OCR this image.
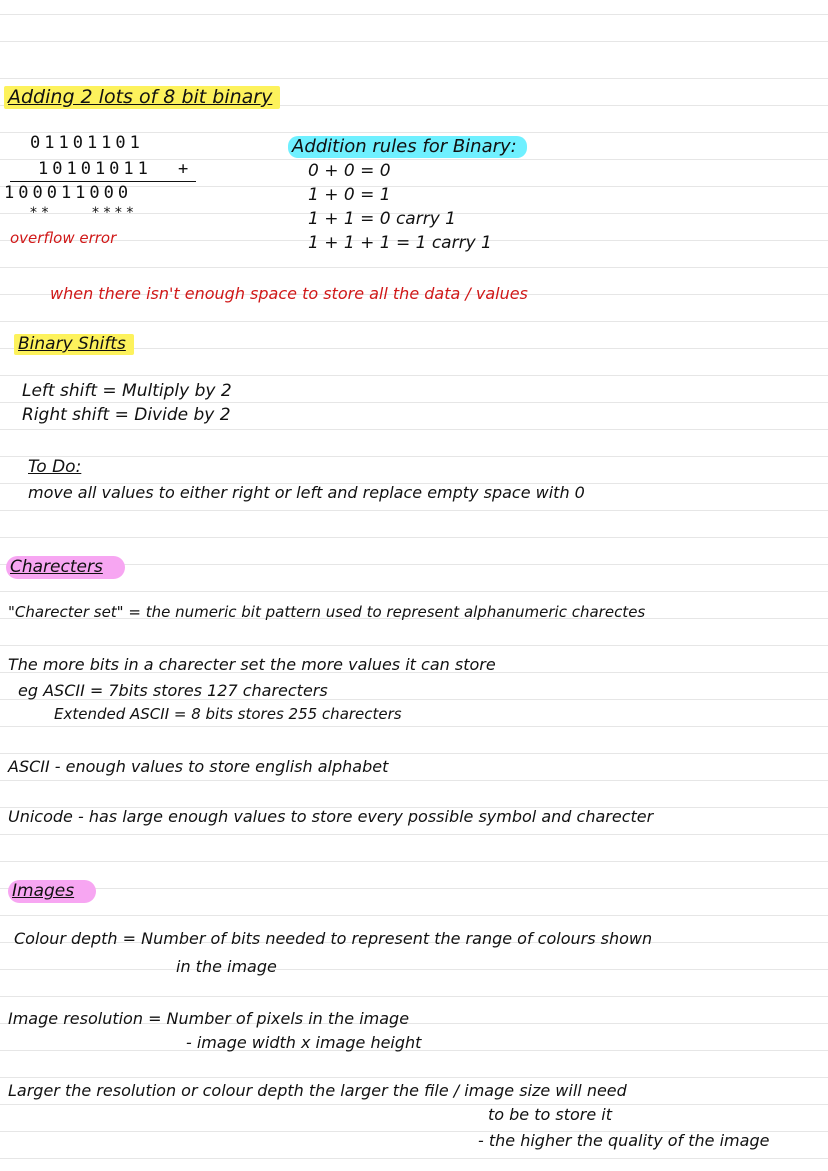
Adding 2 lots of 8 bit binary
01101101
10101011 +
100011000
* *	* * * *
overflow error
when there isn't enough space to store all the data / values
Addition rules for Binary:
0 + 0 = 0
1 + 0 = 1
1 + 1 = 0 carry 1
1 + 1 + 1 = 1 carry 1
Binary Shifts
Left shift = Multiply by 2
Right shift = Divide by 2
To Do:
move all values to either right or left and replace empty space with 0
Charecters
"Charecter set" = the numeric bit pattern used to represent alphanumeric charectes
The more bits in a charecter set the more values it can store
eg ASCII = 7bits stores 127 charecters
Extended ASCII = 8 bits stores 255 charecters
ASCII - enough values to store english alphabet
Unicode - has large enough values to store every possible symbol and charecter
Images
Colour depth = Number of bits needed to represent the range of colours shown
in the image
Image resolution = Number of pixels in the image
- image width x image height
Larger the resolution or colour depth the larger the file / image size will need
to be to store it
- the higher the quality of the image
